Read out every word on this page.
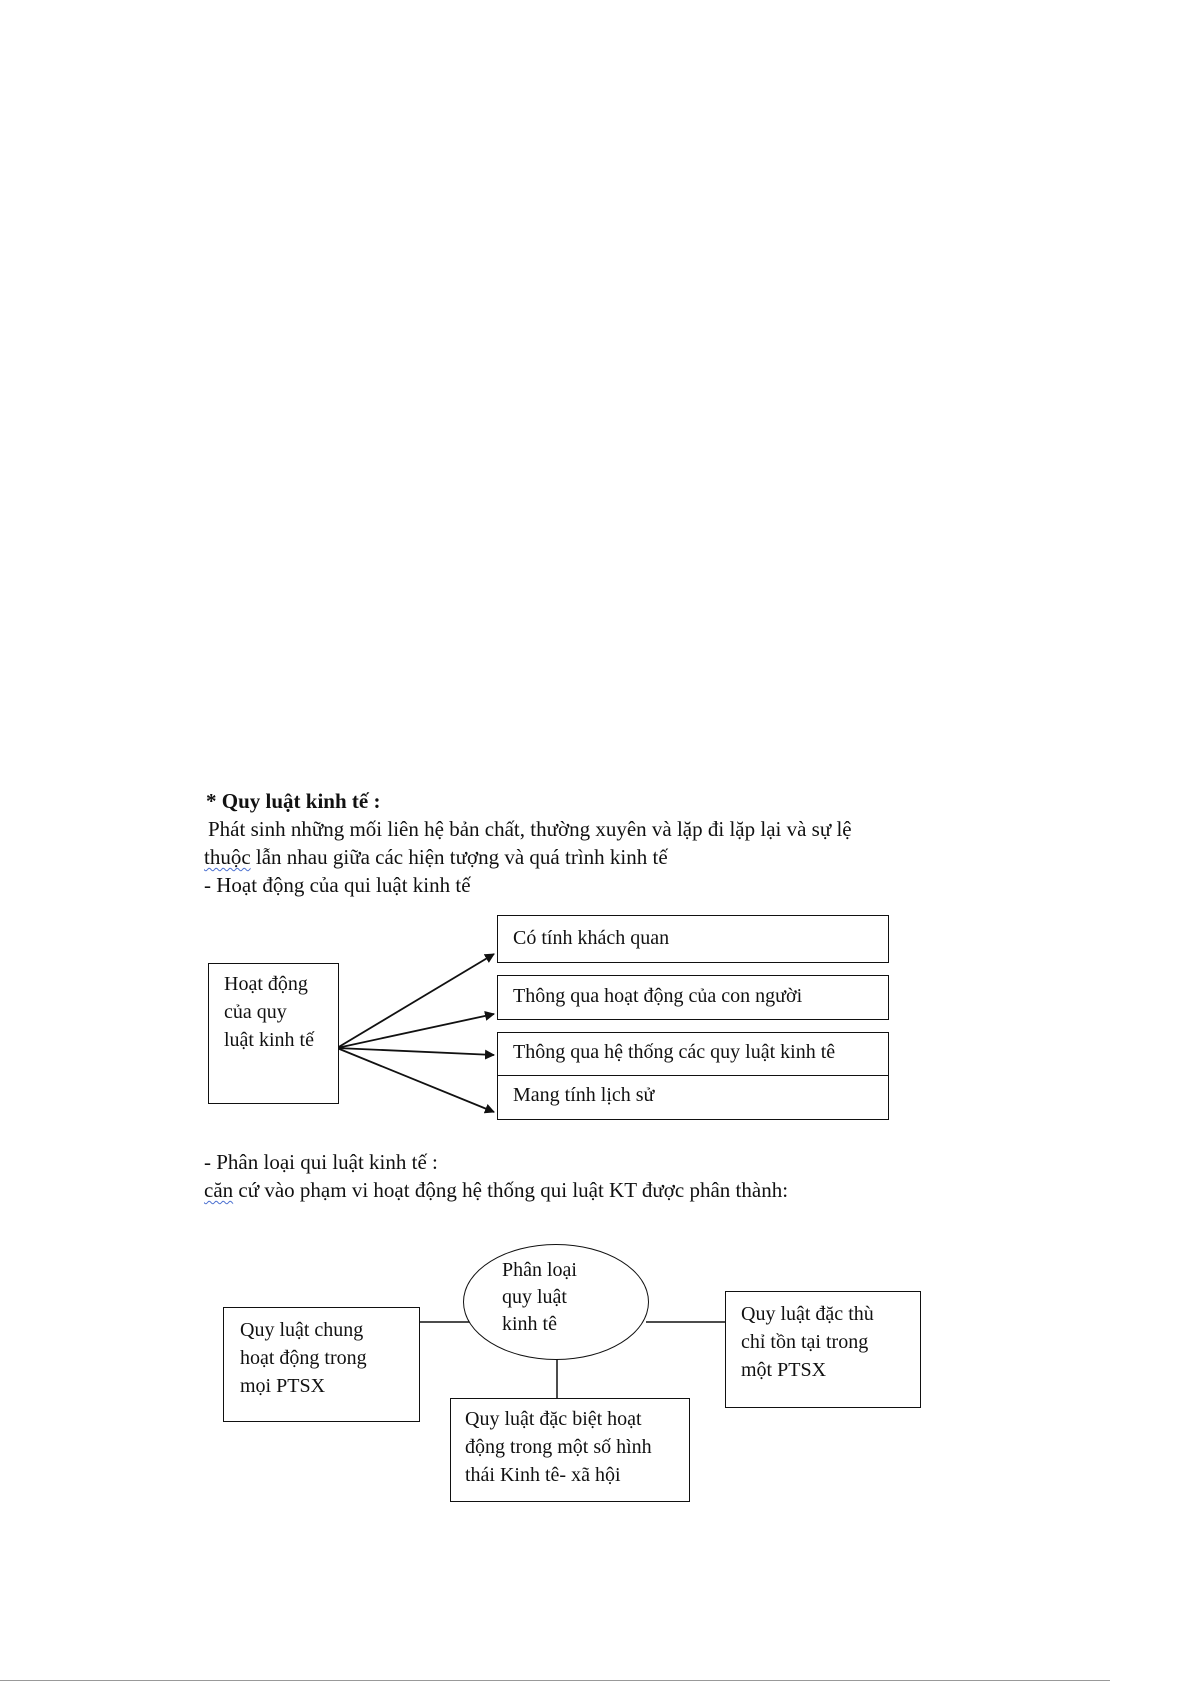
* Quy luật kinh tế :
Phát sinh những mối liên hệ bản chất, thường xuyên và lặp đi lặp lại và sự lệ
thuộc lẫn nhau giữa các hiện tượng và quá trình kinh tế
- Hoạt động của qui luật kinh tế
Hoạt động
của quy
luật kinh tế
Có tính khách quan
Thông qua hoạt động của con người
Thông qua hệ thống các quy luật kinh tê
Mang tính lịch sử
- Phân loại qui luật kinh tế :
căn cứ vào phạm vi hoạt động hệ thống qui luật KT được phân thành:
Phân loại
quy luật
kinh tê
Quy luật chung
hoạt động trong
mọi PTSX
Quy luật đặc thù
chỉ tồn tại trong
một PTSX
Quy luật đặc biệt hoạt
động trong một số hình
thái Kinh tê- xã hội
